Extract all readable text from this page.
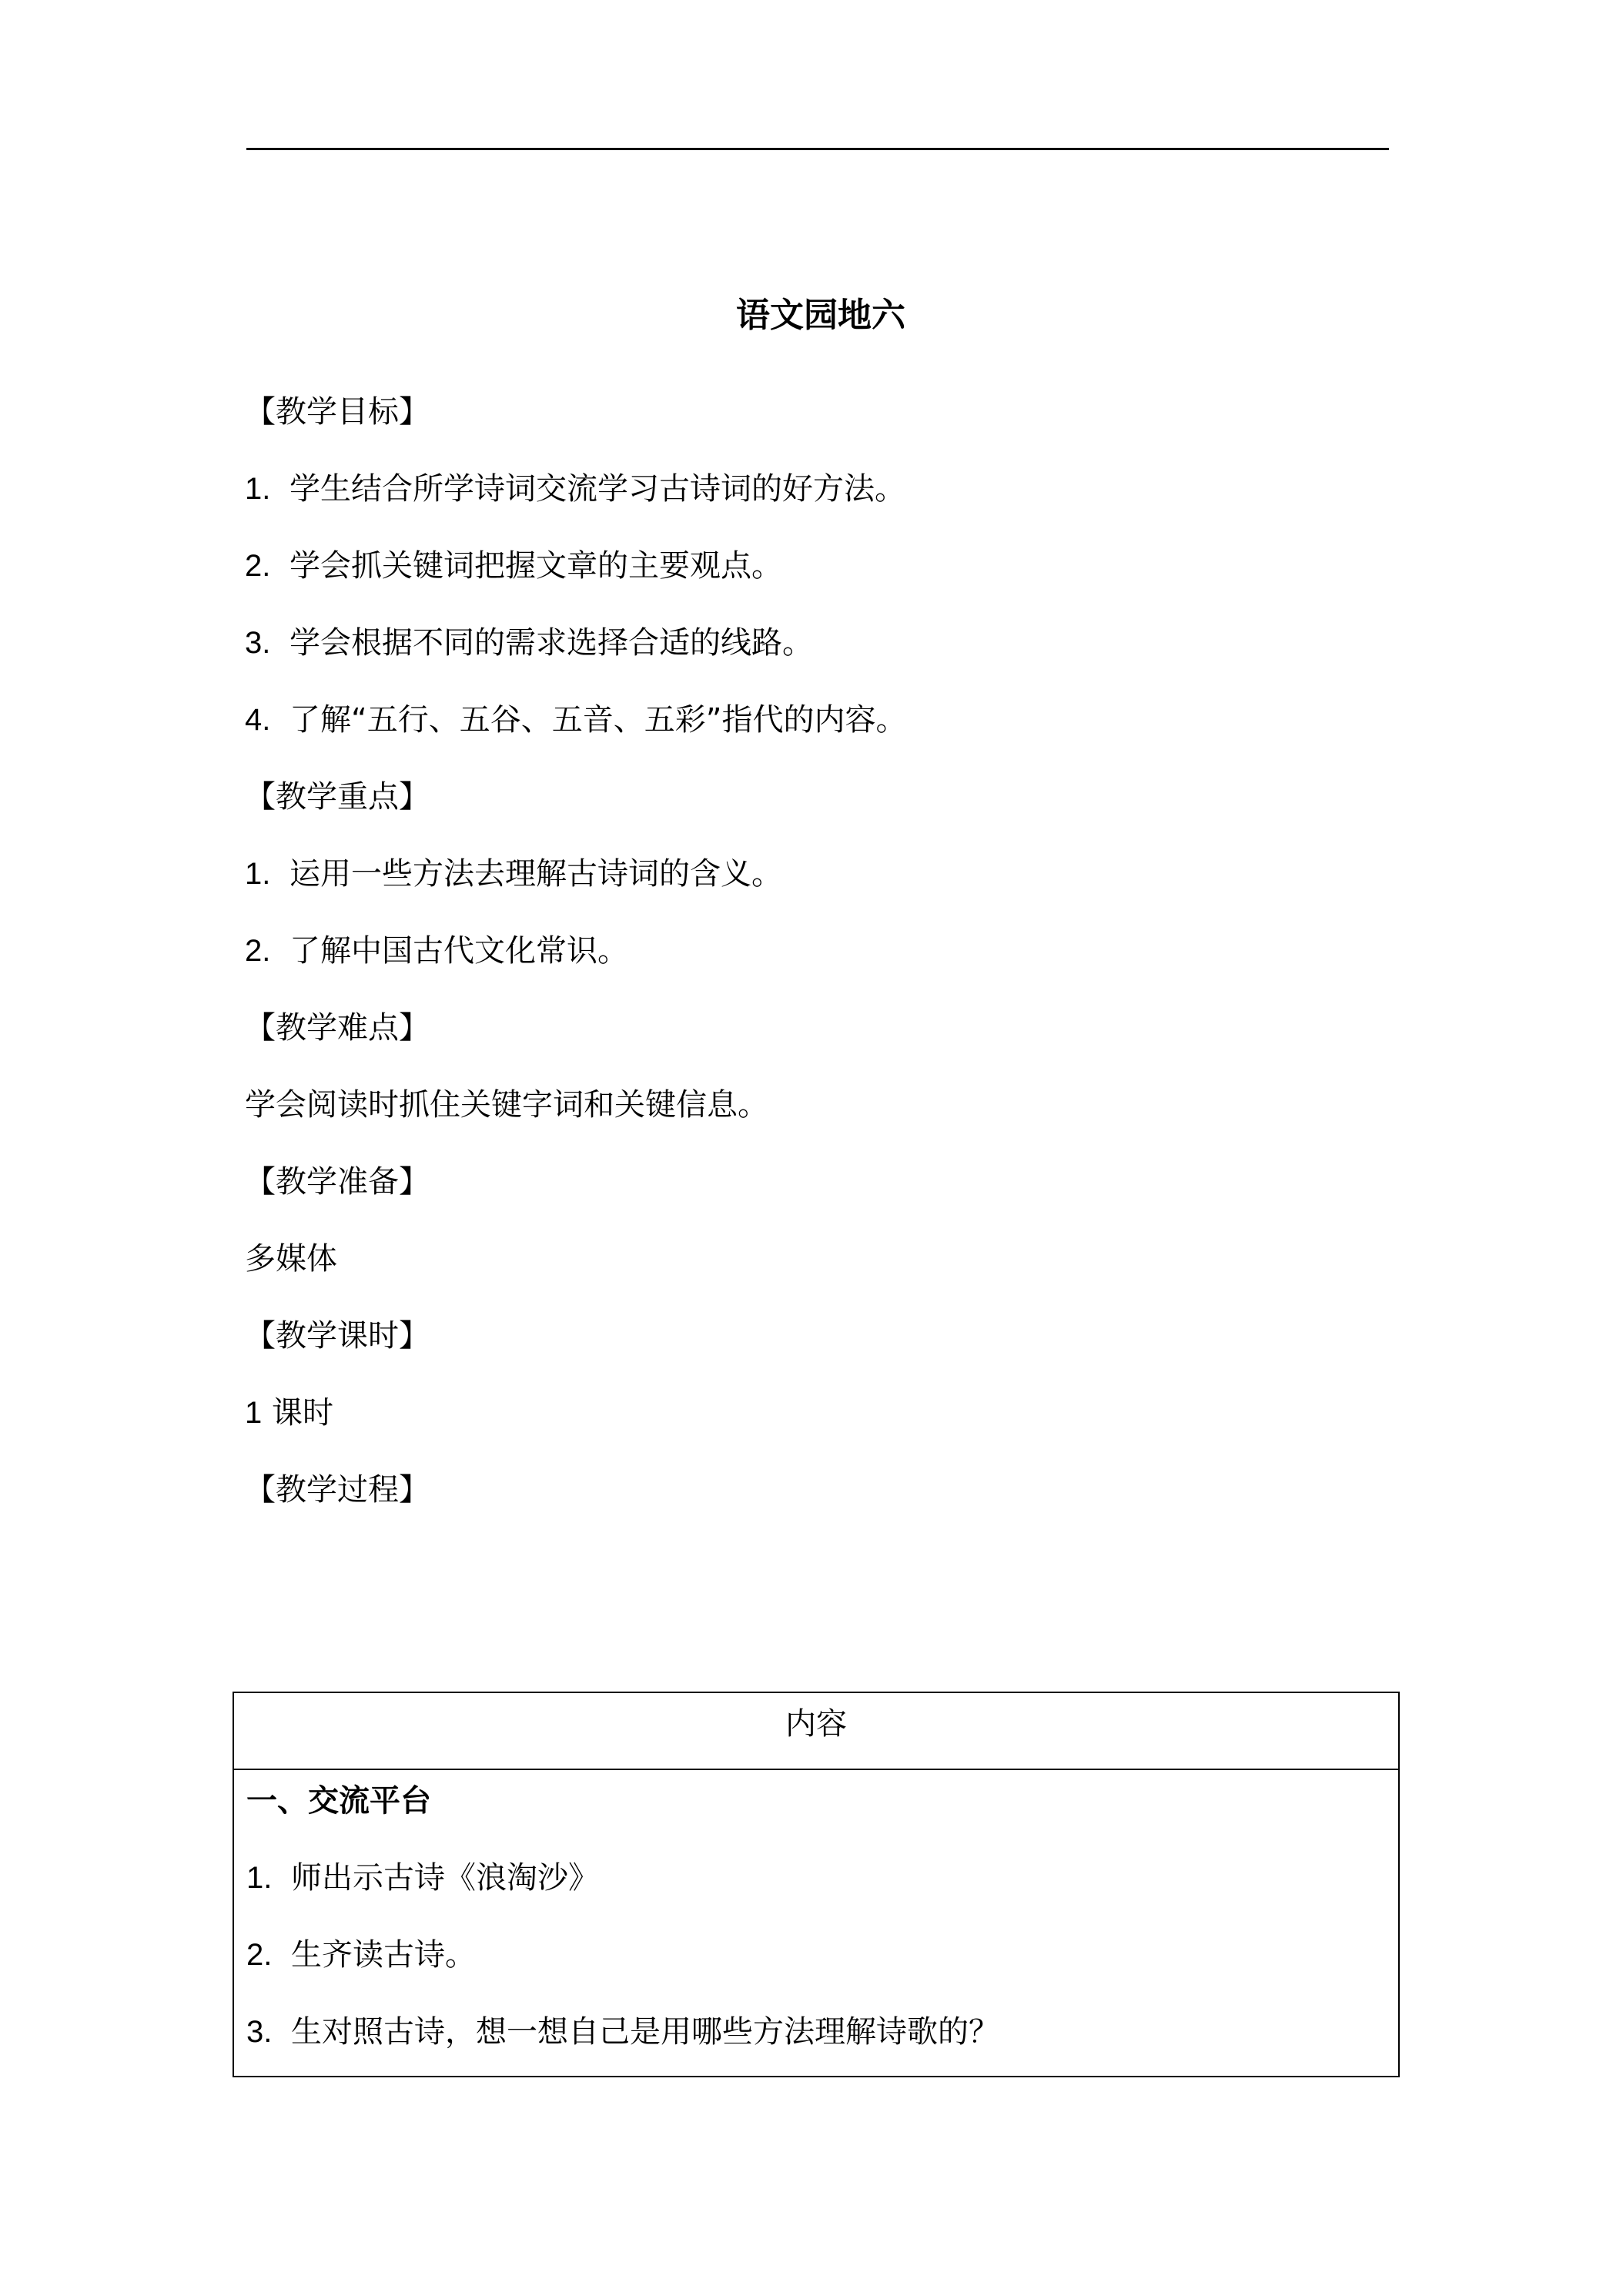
语文园地六
【教学目标】
1. 学生结合所学诗词交流学习古诗词的好方法。
2. 学会抓关键词把握文章的主要观点。
3. 学会根据不同的需求选择合适的线路。
4. 了解“五行、五谷、五音、五彩”指代的内容。
【教学重点】
1. 运用一些方法去理解古诗词的含义。
2. 了解中国古代文化常识。
【教学难点】
学会阅读时抓住关键字词和关键信息。
【教学准备】
多媒体
【教学课时】
1 课时
【教学过程】
内容
一、交流平台
1. 师出示古诗《浪淘沙》
2. 生齐读古诗。
3. 生对照古诗，想一想自己是用哪些方法理解诗歌的？
